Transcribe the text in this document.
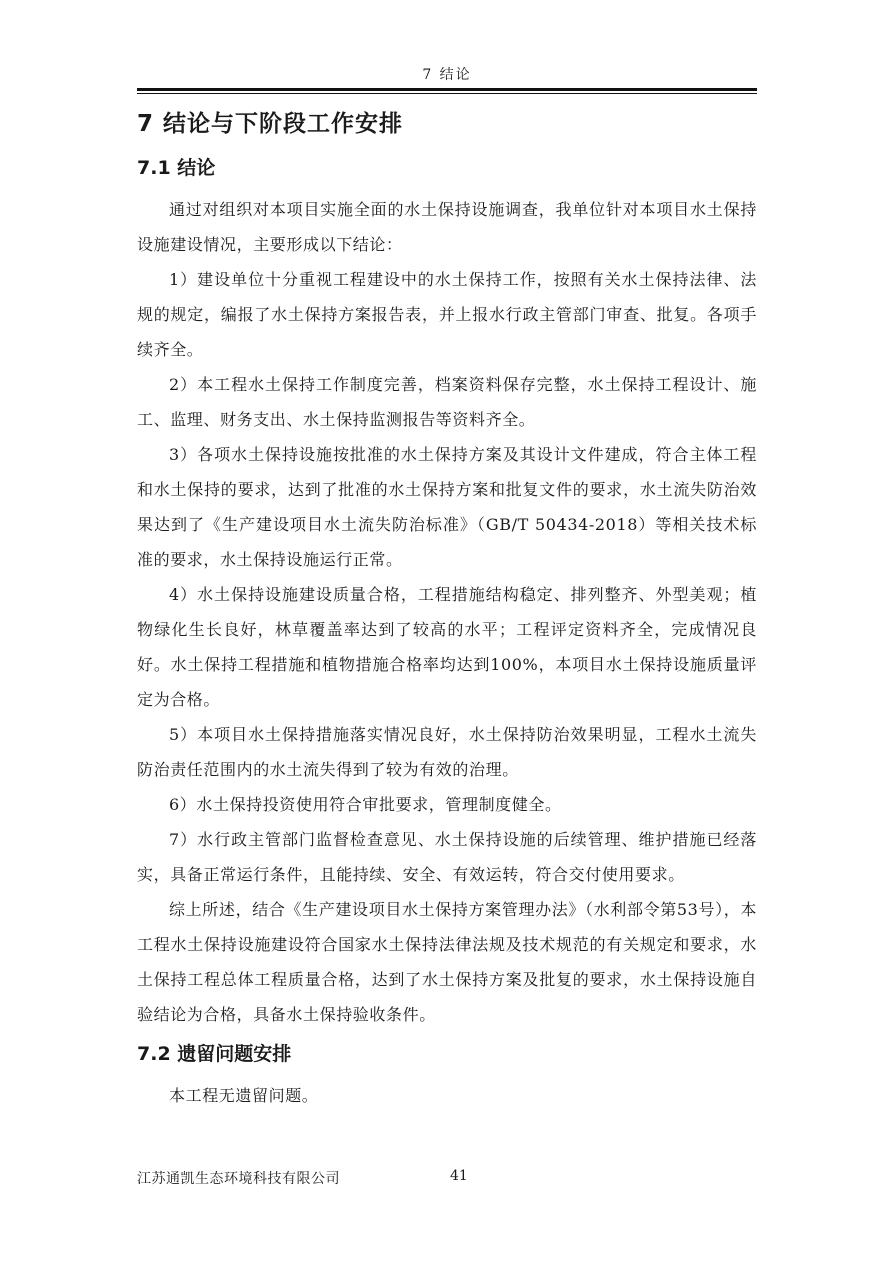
7 结论
7 结论与下阶段工作安排
7.1 结论

通过对组织对本项目实施全面的水土保持设施调查，我单位针对本项目水土保持设施建设情况，主要形成以下结论：

1）建设单位十分重视工程建设中的水土保持工作，按照有关水土保持法律、法规的规定，编报了水土保持方案报告表，并上报水行政主管部门审查、批复。各项手续齐全。

2）本工程水土保持工作制度完善，档案资料保存完整，水土保持工程设计、施工、监理、财务支出、水土保持监测报告等资料齐全。

3）各项水土保持设施按批准的水土保持方案及其设计文件建成，符合主体工程和水土保持的要求，达到了批准的水土保持方案和批复文件的要求，水土流失防治效果达到了《生产建设项目水土流失防治标准》（GB/T 50434-2018）等相关技术标准的要求，水土保持设施运行正常。

4）水土保持设施建设质量合格，工程措施结构稳定、排列整齐、外型美观；植物绿化生长良好，林草覆盖率达到了较高的水平；工程评定资料齐全，完成情况良好。水土保持工程措施和植物措施合格率均达到100%，本项目水土保持设施质量评定为合格。

5）本项目水土保持措施落实情况良好，水土保持防治效果明显，工程水土流失防治责任范围内的水土流失得到了较为有效的治理。

6）水土保持投资使用符合审批要求，管理制度健全。

7）水行政主管部门监督检查意见、水土保持设施的后续管理、维护措施已经落实，具备正常运行条件，且能持续、安全、有效运转，符合交付使用要求。

综上所述，结合《生产建设项目水土保持方案管理办法》（水利部令第53号），本工程水土保持设施建设符合国家水土保持法律法规及技术规范的有关规定和要求，水土保持工程总体工程质量合格，达到了水土保持方案及批复的要求，水土保持设施自验结论为合格，具备水土保持验收条件。

7.2 遗留问题安排

本工程无遗留问题。

江苏通凯生态环境科技有限公司	41
